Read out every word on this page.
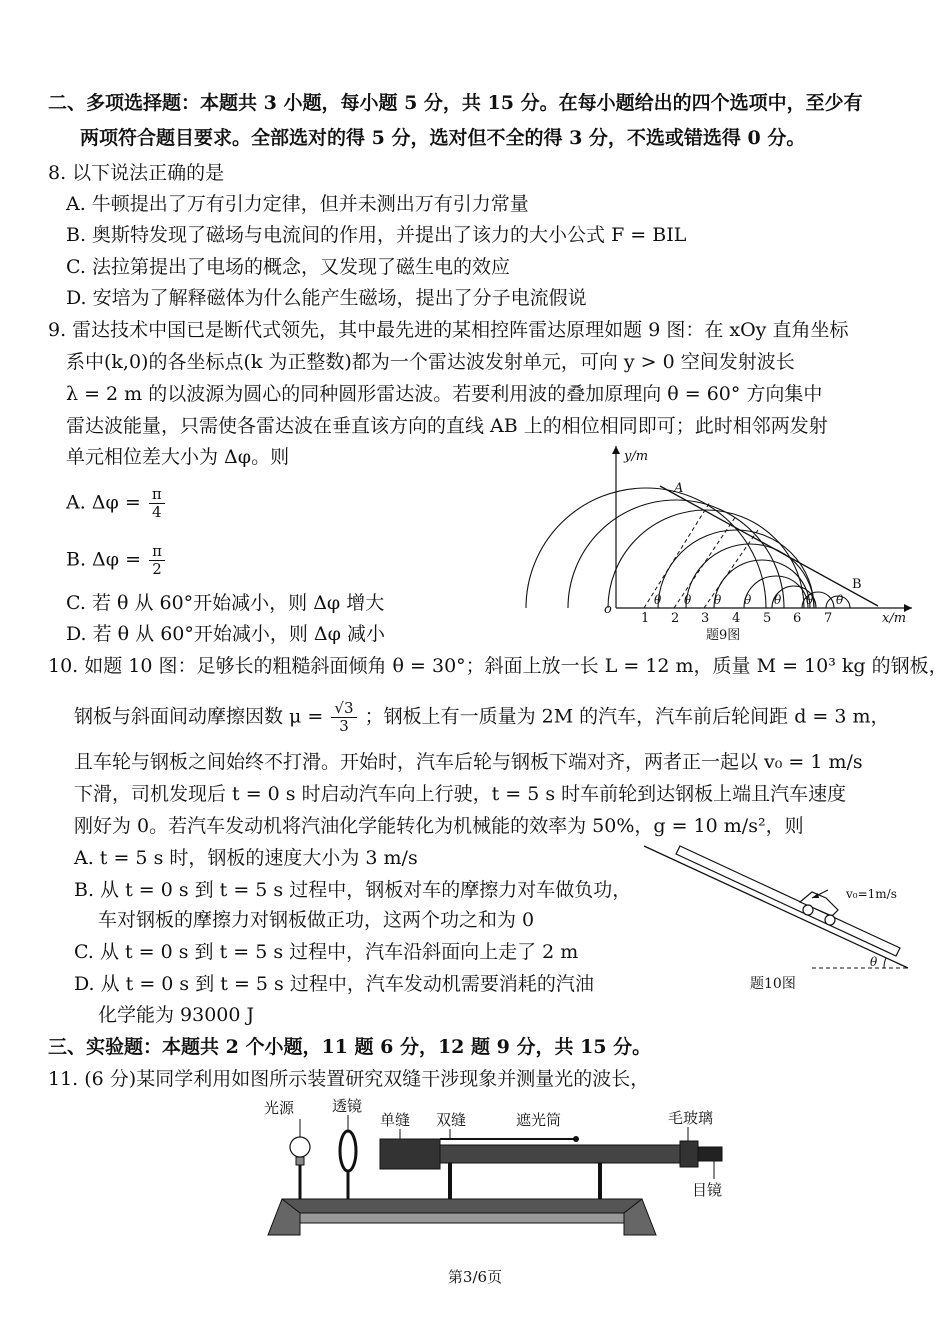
二、多项选择题：本题共 3 小题，每小题 5 分，共 15 分。在每小题给出的四个选项中，至少有
两项符合题目要求。全部选对的得 5 分，选对但不全的得 3 分，不选或错选得 0 分。
8. 以下说法正确的是
A. 牛顿提出了万有引力定律，但并未测出万有引力常量
B. 奥斯特发现了磁场与电流间的作用，并提出了该力的大小公式 F = BIL
C. 法拉第提出了电场的概念，又发现了磁生电的效应
D. 安培为了解释磁体为什么能产生磁场，提出了分子电流假说
9. 雷达技术中国已是断代式领先，其中最先进的某相控阵雷达原理如题 9 图：在 xOy 直角坐标
系中(k,0)的各坐标点(k 为正整数)都为一个雷达波发射单元，可向 y > 0 空间发射波长
λ = 2 m 的以波源为圆心的同种圆形雷达波。若要利用波的叠加原理向 θ = 60° 方向集中
雷达波能量，只需使各雷达波在垂直该方向的直线 AB 上的相位相同即可；此时相邻两发射
单元相位差大小为 Δφ。则
A. $\Delta\varphi = \frac{\pi}{4}$
B. $\Delta\varphi = \frac{\pi}{2}$
C. 若 θ 从 60°开始减小，则 Δφ 增大
D. 若 θ 从 60°开始减小，则 Δφ 减小
y/m
x/m
o
A
B
θ θ θ θ θ θ θ
1 2 3 4 5 6 7
题9图
10. 如题 10 图：足够长的粗糙斜面倾角 θ = 30°；斜面上放一长 L = 12 m，质量 M = 10³ kg 的钢板，
钢板与斜面间动摩擦因数 $\mu = \frac{√3}{3}$ ；钢板上有一质量为 2M 的汽车，汽车前后轮间距 d = 3 m，
且车轮与钢板之间始终不打滑。开始时，汽车后轮与钢板下端对齐，两者正一起以 v₀ = 1 m/s
下滑，司机发现后 t = 0 s 时启动汽车向上行驶，t = 5 s 时车前轮到达钢板上端且汽车速度
刚好为 0。若汽车发动机将汽油化学能转化为机械能的效率为 50%，g = 10 m/s²，则
A. t = 5 s 时，钢板的速度大小为 3 m/s
B. 从 t = 0 s 到 t = 5 s 过程中，钢板对车的摩擦力对车做负功，
车对钢板的摩擦力对钢板做正功，这两个功之和为 0
C. 从 t = 0 s 到 t = 5 s 过程中，汽车沿斜面向上走了 2 m
D. 从 t = 0 s 到 t = 5 s 过程中，汽车发动机需要消耗的汽油
化学能为 93000 J
v₀=1m/s
θ
题10图
三、实验题：本题共 2 个小题，11 题 6 分，12 题 9 分，共 15 分。
11. (6 分)某同学利用如图所示装置研究双缝干涉现象并测量光的波长，
光源	透镜
单缝 双缝	遮光筒	毛玻璃
目镜
第3/6页
